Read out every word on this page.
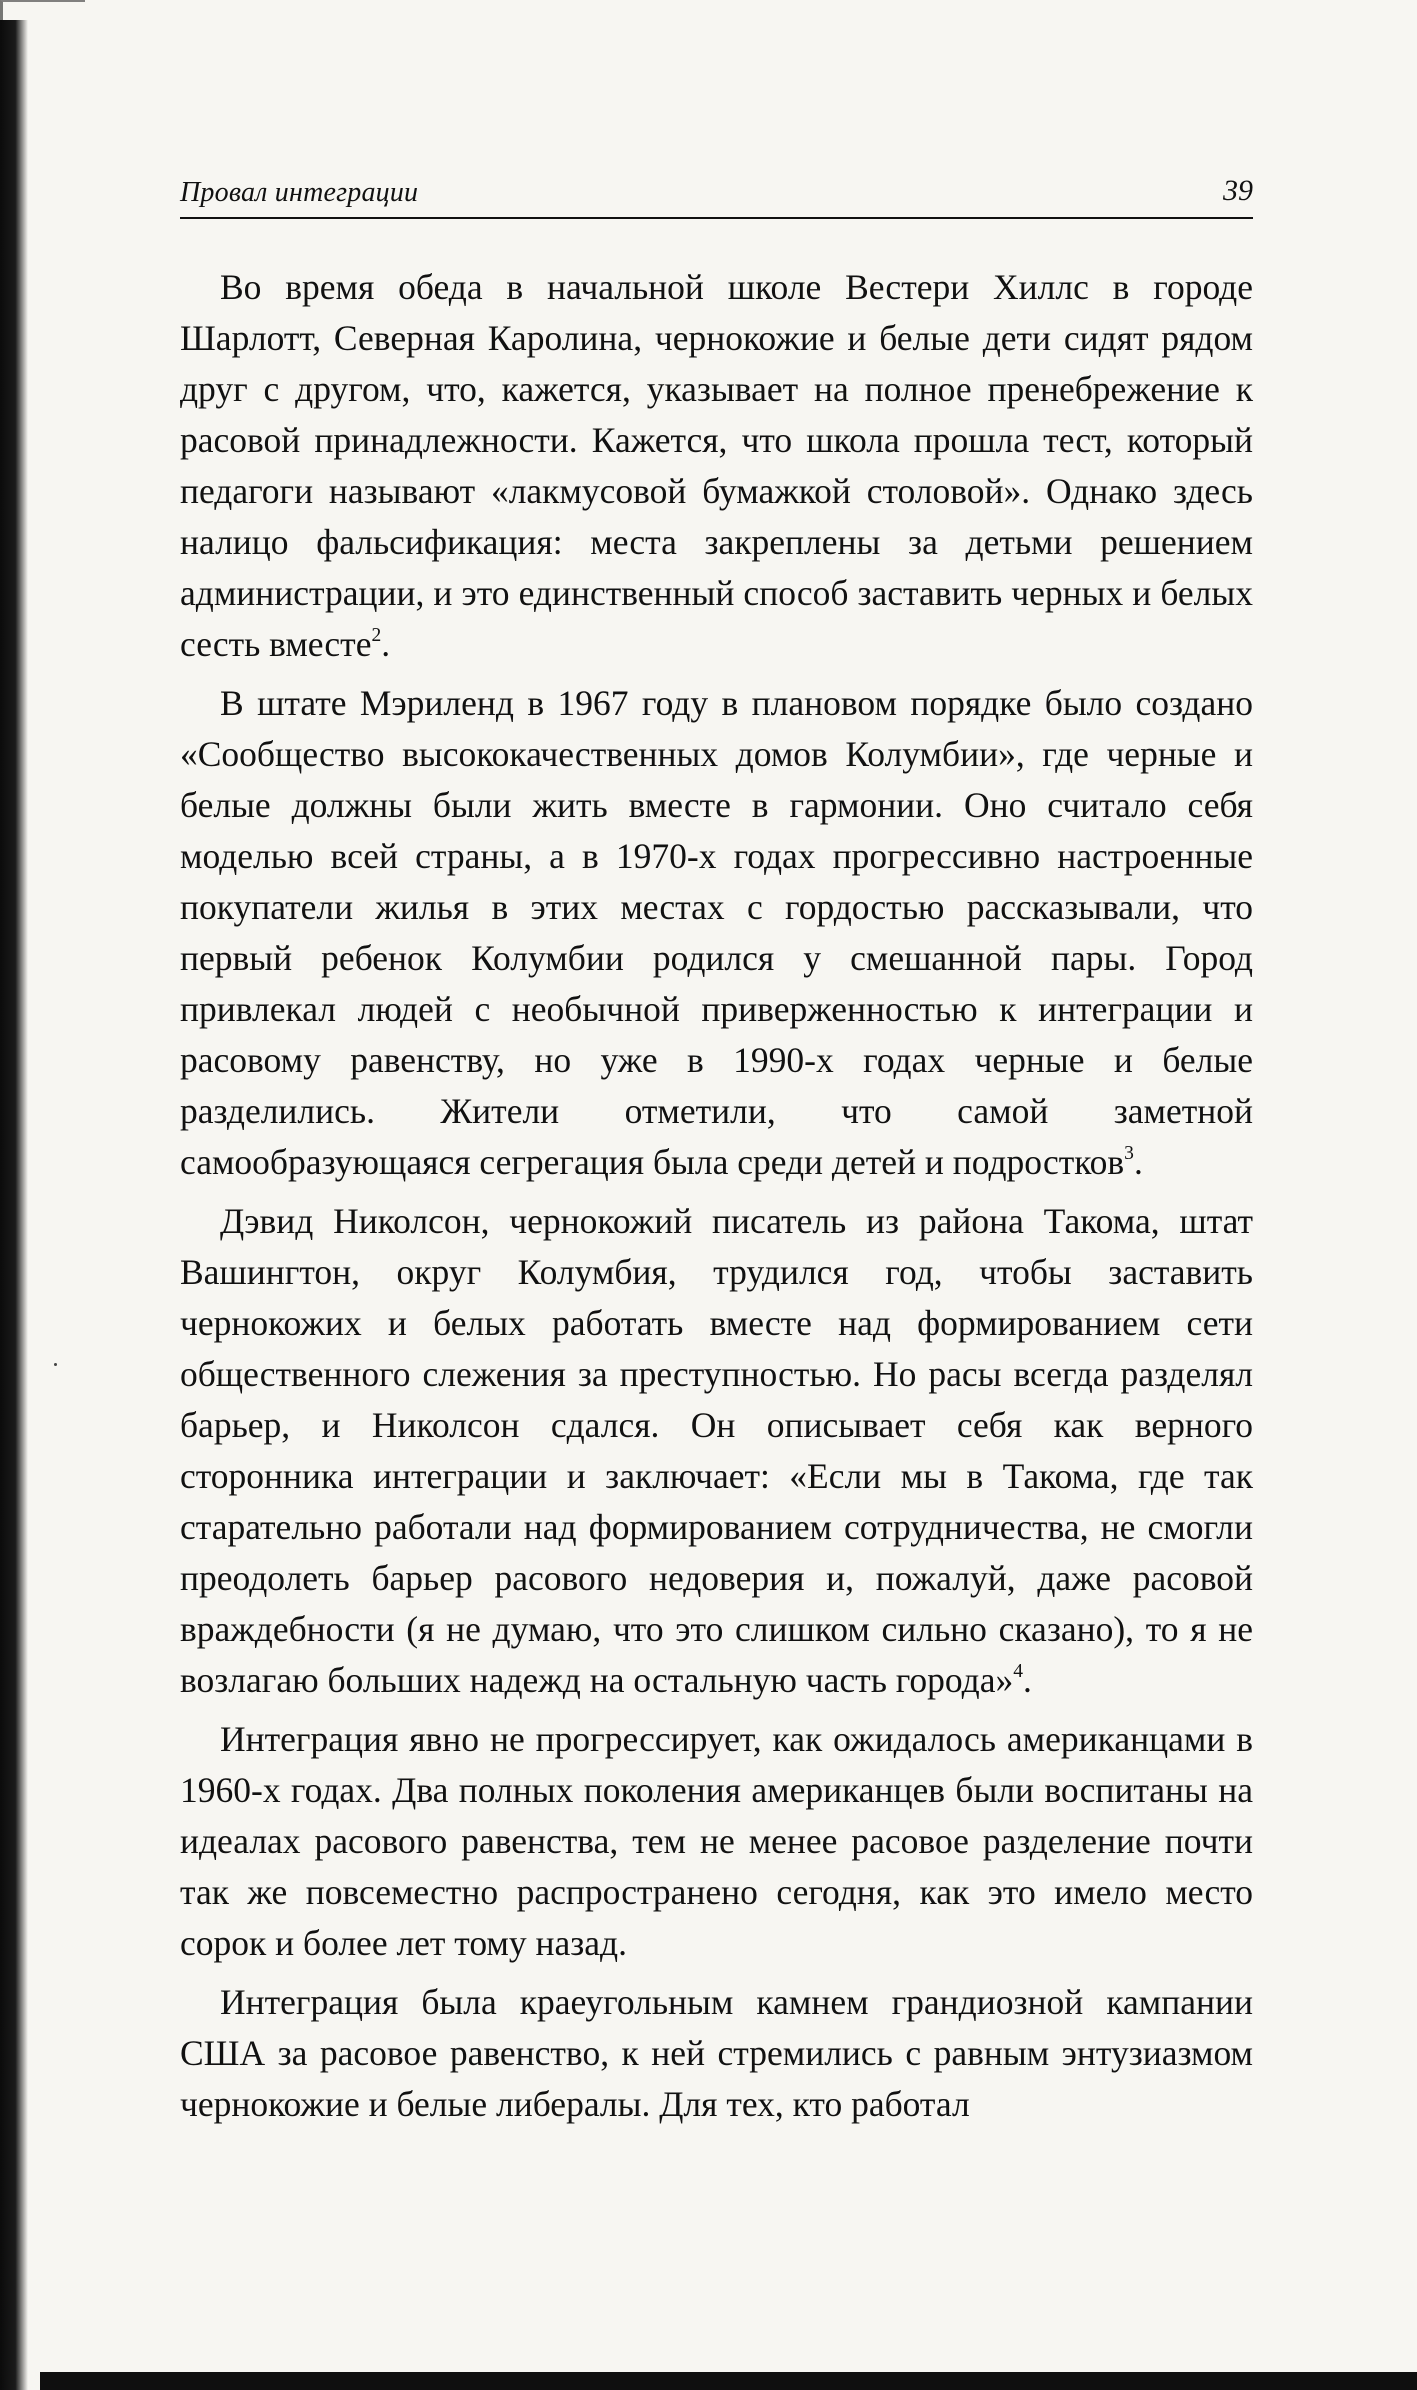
Провал интеграции	39

Во время обеда в начальной школе Вестери Хиллс в городе Шарлотт, Северная Каролина, чернокожие и белые дети сидят рядом друг с другом, что, кажется, указывает на полное пренебрежение к расовой принадлежности. Кажется, что школа прошла тест, который педагоги называют «лакмусовой бумажкой столовой». Однако здесь налицо фальсификация: места закреплены за детьми решением администрации, и это единственный способ заставить черных и белых сесть вместе$^2$.

В штате Мэриленд в 1967 году в плановом порядке было создано «Сообщество высококачественных домов Колумбии», где черные и белые должны были жить вместе в гармонии. Оно считало себя моделью всей страны, а в 1970-х годах прогрессивно настроенные покупатели жилья в этих местах с гордостью рассказывали, что первый ребенок Колумбии родился у смешанной пары. Город привлекал людей с необычной приверженностью к интеграции и расовому равенству, но уже в 1990-х годах черные и белые разделились. Жители отметили, что самой заметной самообразующаяся сегрегация была среди детей и подростков$^3$.

Дэвид Николсон, чернокожий писатель из района Такома, штат Вашингтон, округ Колумбия, трудился год, чтобы заставить чернокожих и белых работать вместе над формированием сети общественного слежения за преступностью. Но расы всегда разделял барьер, и Николсон сдался. Он описывает себя как верного сторонника интеграции и заключает: «Если мы в Такома, где так старательно работали над формированием сотрудничества, не смогли преодолеть барьер расового недоверия и, пожалуй, даже расовой враждебности (я не думаю, что это слишком сильно сказано), то я не возлагаю больших надежд на остальную часть города»$^4$.

Интеграция явно не прогрессирует, как ожидалось американцами в 1960-х годах. Два полных поколения американцев были воспитаны на идеалах расового равенства, тем не менее расовое разделение почти так же повсеместно распространено сегодня, как это имело место сорок и более лет тому назад.

Интеграция была краеугольным камнем грандиозной кампании США за расовое равенство, к ней стремились с равным энтузиазмом чернокожие и белые либералы. Для тех, кто работал
